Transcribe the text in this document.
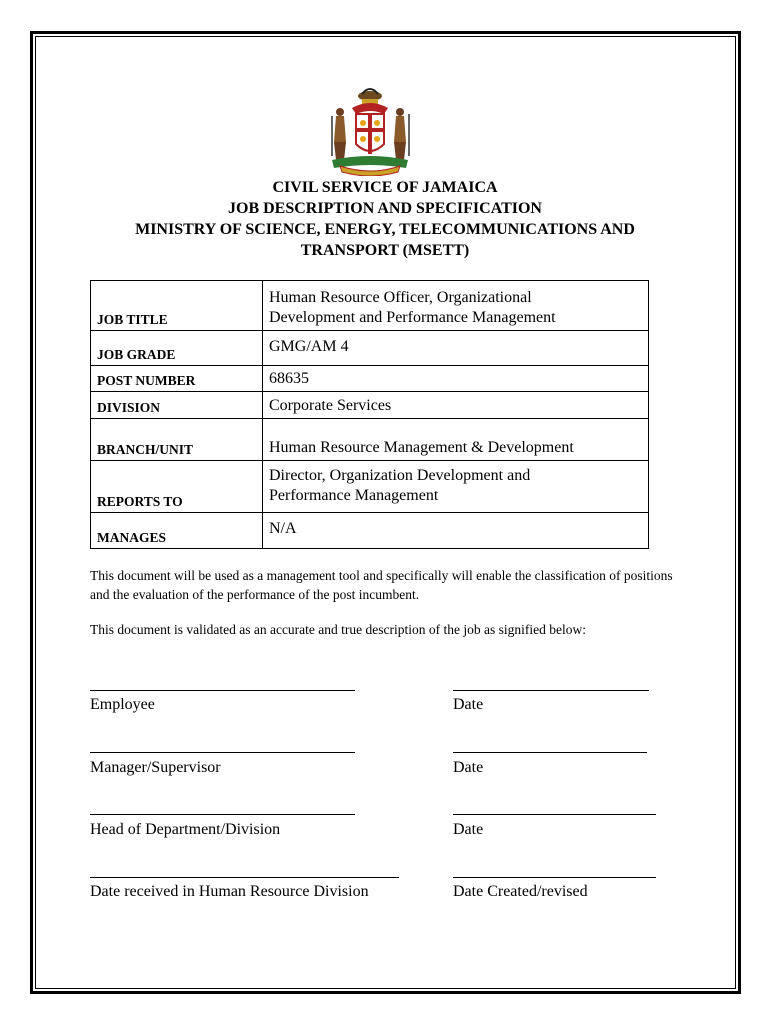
CIVIL SERVICE OF JAMAICA
JOB DESCRIPTION AND SPECIFICATION
MINISTRY OF SCIENCE, ENERGY, TELECOMMUNICATIONS AND
TRANSPORT (MSETT)
JOB TITLE	Human Resource Officer, Organizational
Development and Performance Management

JOB GRADE	GMG/AM 4

POST NUMBER	68635

DIVISION	Corporate Services

BRANCH/UNIT	Human Resource Management & Development

REPORTS TO	Director, Organization Development and
Performance Management

MANAGES	N/A
This document will be used as a management tool and specifically will enable the classification of positions and the evaluation of the performance of the post incumbent.
This document is validated as an accurate and true description of the job as signified below:
Employee	Date
Manager/Supervisor	Date
Head of Department/Division	Date
Date received in Human Resource Division	Date Created/revised
